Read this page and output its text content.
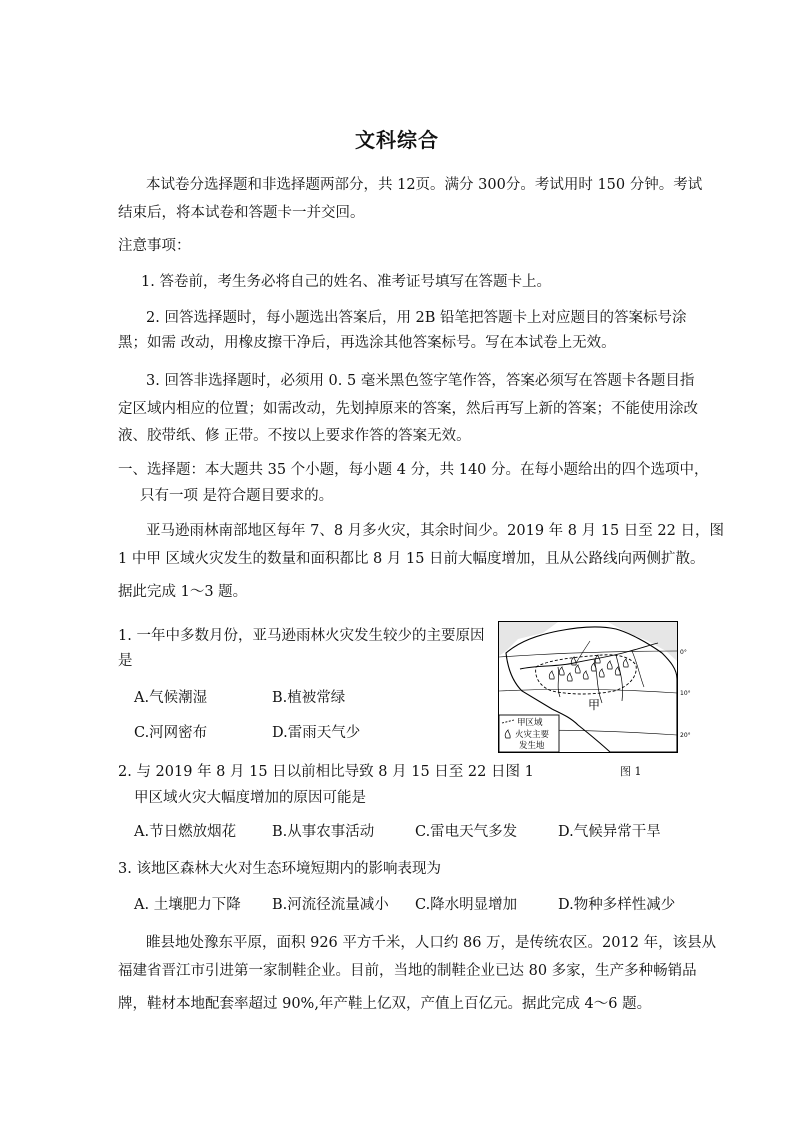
文科综合
本试卷分选择题和非选择题两部分，共 12页。满分 300分。考试用时 150 分钟。考试
结束后，将本试卷和答题卡一并交回。
注意事项：
1. 答卷前，考生务必将自己的姓名、准考证号填写在答题卡上。
2. 回答选择题时，每小题选出答案后，用 2B 铅笔把答题卡上对应题目的答案标号涂
黑；如需 改动，用橡皮擦干净后，再选涂其他答案标号。写在本试卷上无效。
3. 回答非选择题时，必须用 0. 5 毫米黑色签字笔作答，答案必须写在答题卡各题目指
定区域内相应的位置；如需改动，先划掉原来的答案，然后再写上新的答案；不能使用涂改
液、胶带纸、修 正带。不按以上要求作答的答案无效。
一、选择题：本大题共 35 个小题，每小题 4 分，共 140 分。在每小题给出的四个选项中，
只有一项 是符合题目要求的。
亚马逊雨林南部地区每年 7、8 月多火灾，其余时间少。2019 年 8 月 15 日至 22 日，图
1 中甲 区域火灾发生的数量和面积都比 8 月 15 日前大幅度增加，且从公路线向两侧扩散。
据此完成 1～3 题。
1. 一年中多数月份，亚马逊雨林火灾发生较少的主要原因
是
A.气候潮湿	B.植被常绿
C.河网密布	D.雷雨天气少
2. 与 2019 年 8 月 15 日以前相比导致 8 月 15 日至 22 日图 1
甲区域火灾大幅度增加的原因可能是
A.节日燃放烟花 B.从事农事活动	C.雷电天气多发	D.气候异常干旱
3. 该地区森林大火对生态环境短期内的影响表现为
A. 土壤肥力下降 B.河流径流量减小 C.降水明显增加	D.物种多样性减少
睢县地处豫东平原，面积 926 平方千米，人口约 86 万，是传统农区。2012 年，该县从
福建省晋江市引进第一家制鞋企业。目前，当地的制鞋企业已达 80 多家，生产多种畅销品
牌，鞋材本地配套率超过 90%,年产鞋上亿双，产值上百亿元。据此完成 4～6 题。
甲
0°
10°
20°
甲区域
火灾主要
发生地
图 1
